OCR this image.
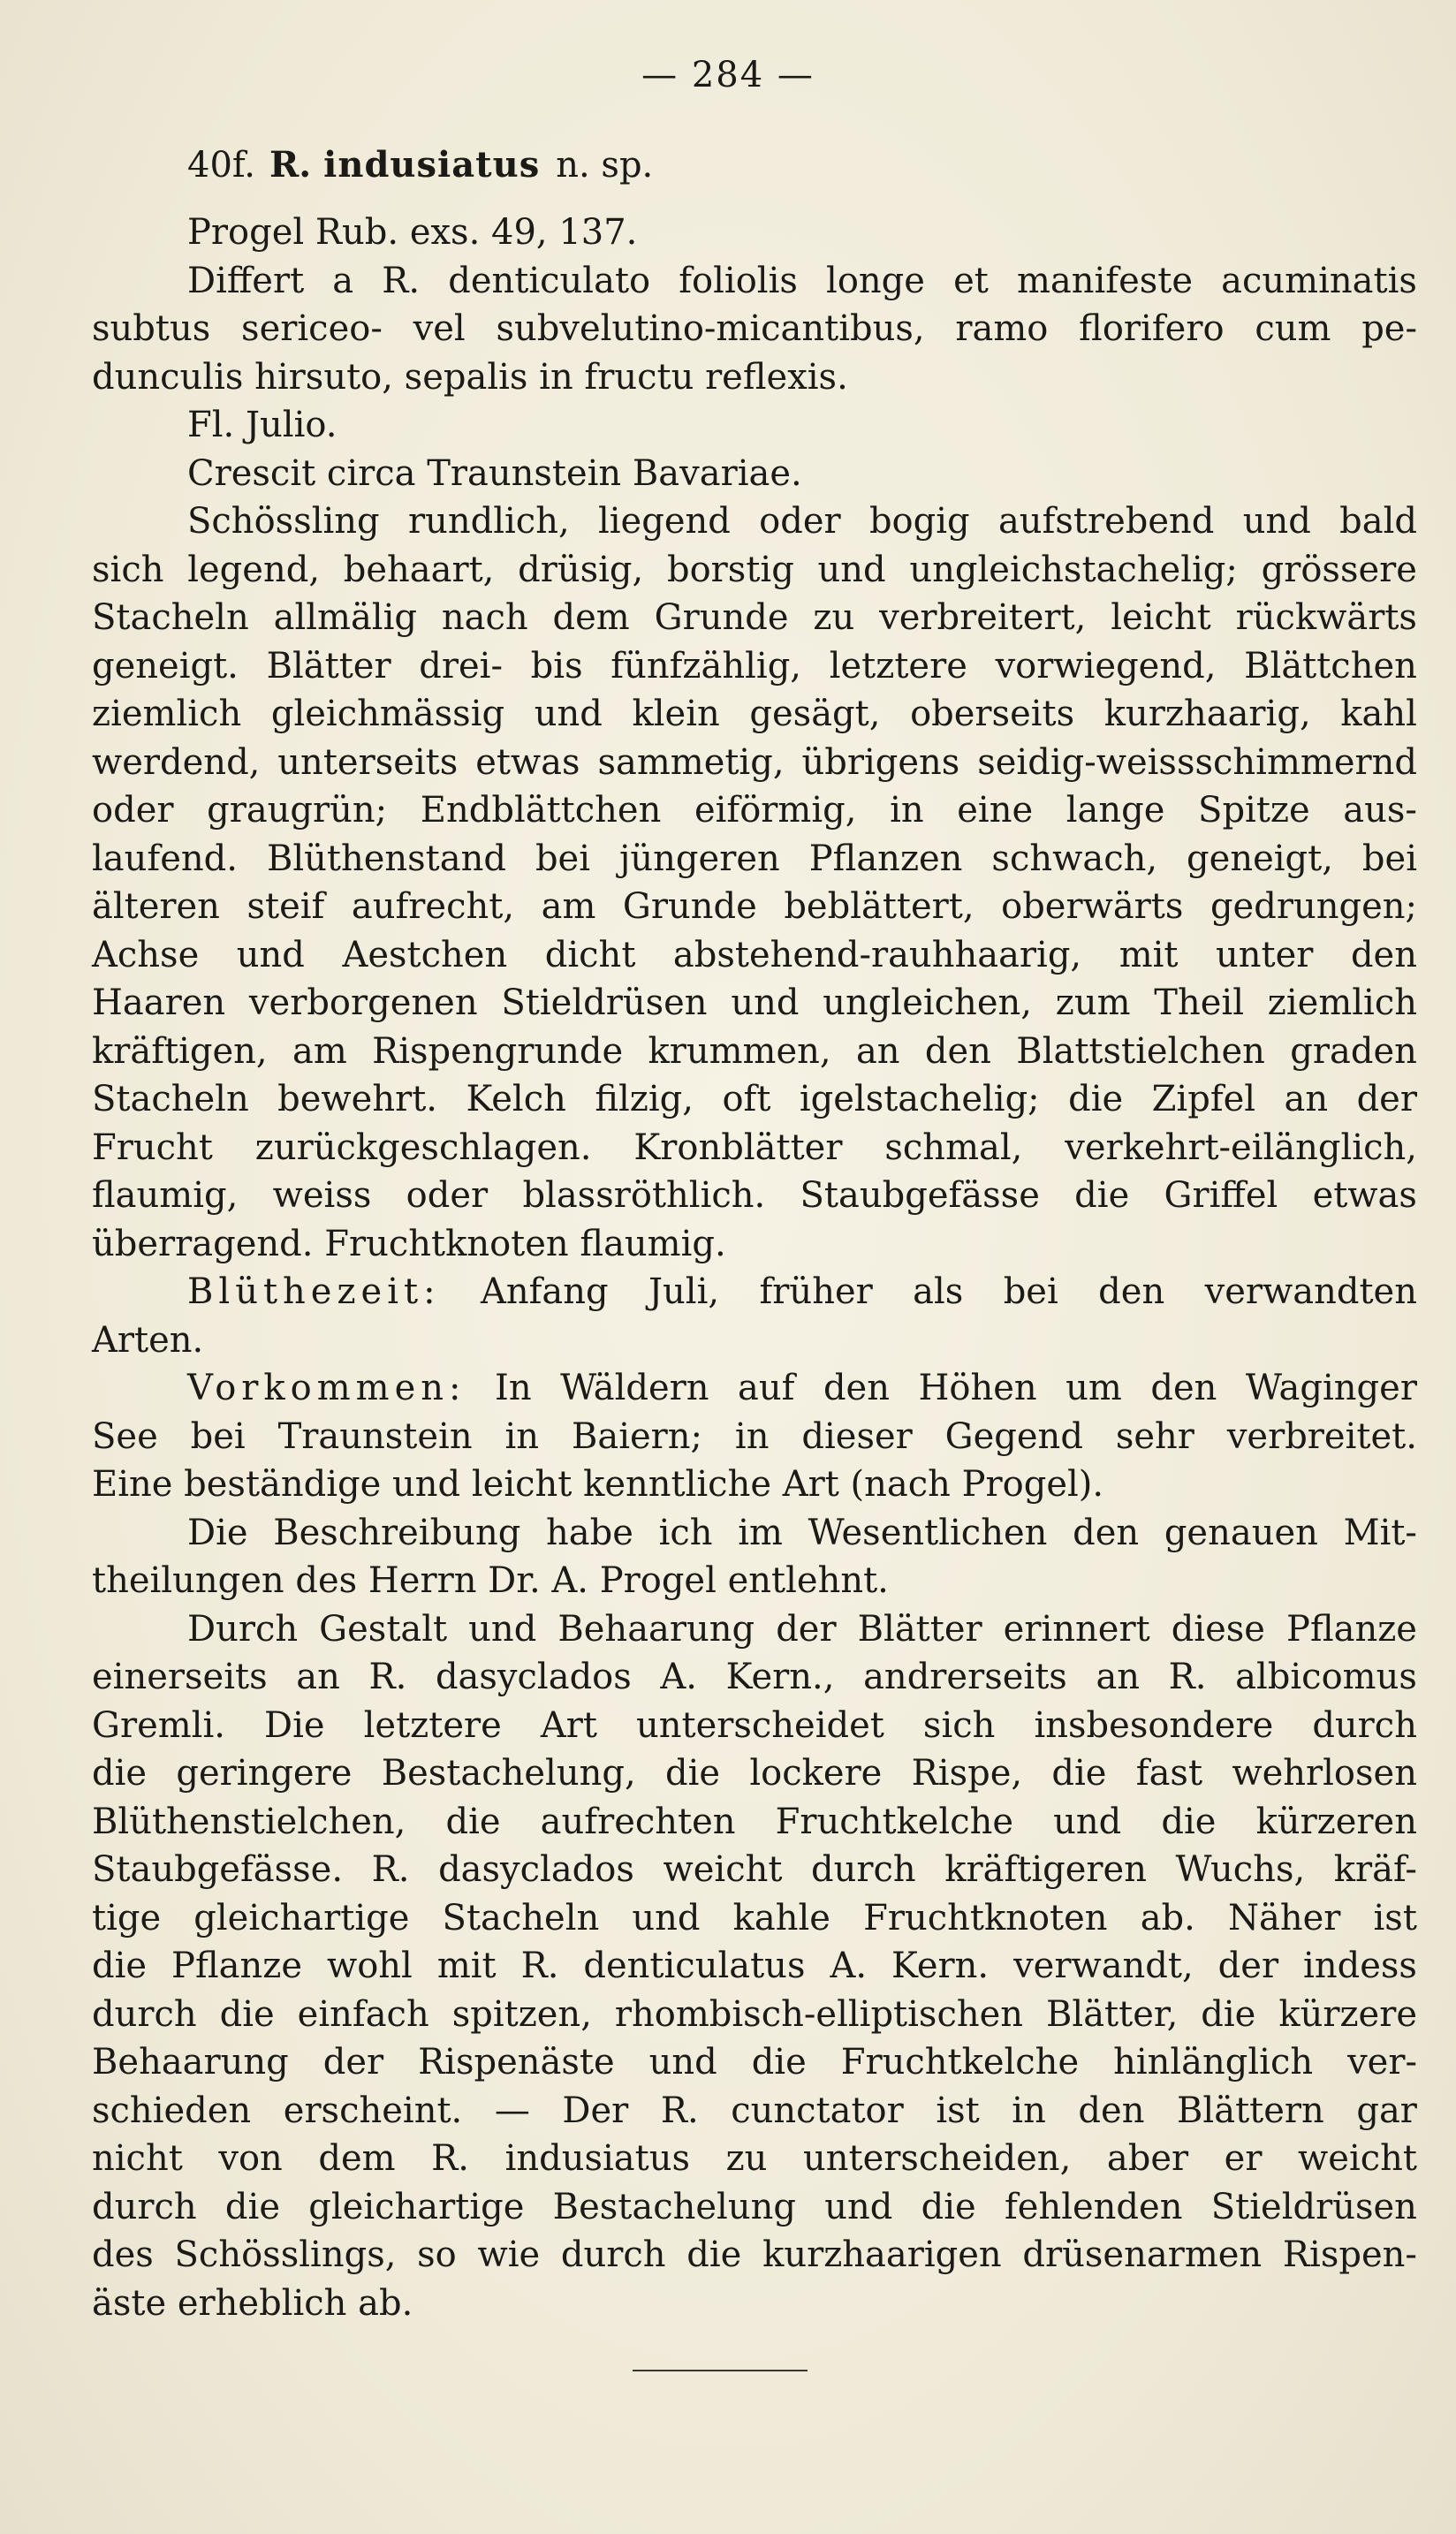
— 284 —
40f. R. indusiatus n. sp.
Progel Rub. exs. 49, 137.
Differt a R. denticulato foliolis longe et manifeste acuminatis
subtus sericeo- vel subvelutino-micantibus, ramo florifero cum pe-
dunculis hirsuto, sepalis in fructu reflexis.
Fl. Julio.
Crescit circa Traunstein Bavariae.
Schössling rundlich, liegend oder bogig aufstrebend und bald
sich legend, behaart, drüsig, borstig und ungleichstachelig; grössere
Stacheln allmälig nach dem Grunde zu verbreitert, leicht rückwärts
geneigt. Blätter drei- bis fünfzählig, letztere vorwiegend, Blättchen
ziemlich gleichmässig und klein gesägt, oberseits kurzhaarig, kahl
werdend, unterseits etwas sammetig, übrigens seidig-weissschimmernd
oder graugrün; Endblättchen eiförmig, in eine lange Spitze aus-
laufend. Blüthenstand bei jüngeren Pflanzen schwach, geneigt, bei
älteren steif aufrecht, am Grunde beblättert, oberwärts gedrungen;
Achse und Aestchen dicht abstehend-rauhhaarig, mit unter den
Haaren verborgenen Stieldrüsen und ungleichen, zum Theil ziemlich
kräftigen, am Rispengrunde krummen, an den Blattstielchen graden
Stacheln bewehrt. Kelch filzig, oft igelstachelig; die Zipfel an der
Frucht zurückgeschlagen. Kronblätter schmal, verkehrt-eilänglich,
flaumig, weiss oder blassröthlich. Staubgefässe die Griffel etwas
überragend. Fruchtknoten flaumig.
Blüthezeit: Anfang Juli, früher als bei den verwandten
Arten.
Vorkommen: In Wäldern auf den Höhen um den Waginger
See bei Traunstein in Baiern; in dieser Gegend sehr verbreitet.
Eine beständige und leicht kenntliche Art (nach Progel).
Die Beschreibung habe ich im Wesentlichen den genauen Mit-
theilungen des Herrn Dr. A. Progel entlehnt.
Durch Gestalt und Behaarung der Blätter erinnert diese Pflanze
einerseits an R. dasyclados A. Kern., andrerseits an R. albicomus
Gremli. Die letztere Art unterscheidet sich insbesondere durch
die geringere Bestachelung, die lockere Rispe, die fast wehrlosen
Blüthenstielchen, die aufrechten Fruchtkelche und die kürzeren
Staubgefässe. R. dasyclados weicht durch kräftigeren Wuchs, kräf-
tige gleichartige Stacheln und kahle Fruchtknoten ab. Näher ist
die Pflanze wohl mit R. denticulatus A. Kern. verwandt, der indess
durch die einfach spitzen, rhombisch-elliptischen Blätter, die kürzere
Behaarung der Rispenäste und die Fruchtkelche hinlänglich ver-
schieden erscheint. — Der R. cunctator ist in den Blättern gar
nicht von dem R. indusiatus zu unterscheiden, aber er weicht
durch die gleichartige Bestachelung und die fehlenden Stieldrüsen
des Schösslings, so wie durch die kurzhaarigen drüsenarmen Rispen-
äste erheblich ab.
